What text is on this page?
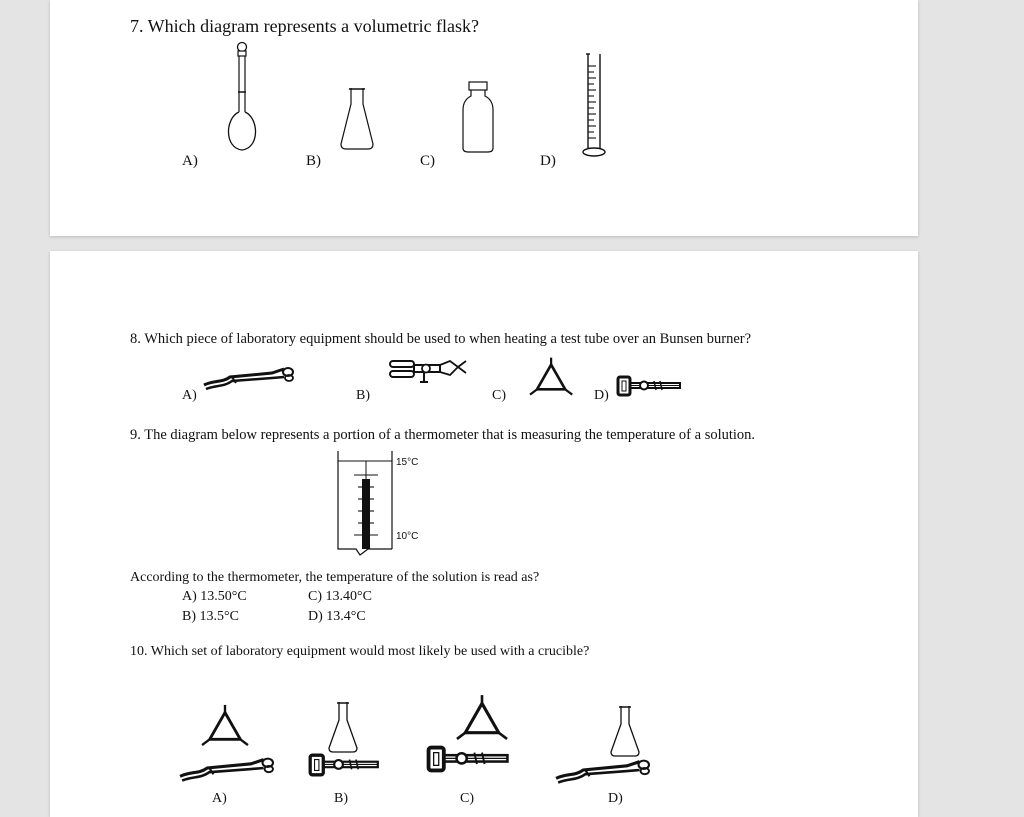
7. Which diagram represents a volumetric flask?
A)	B)	C)	D)
8. Which piece of laboratory equipment should be used to when heating a test tube over an Bunsen burner?
A)	B)	C)	D)
9. The diagram below represents a portion of a thermometer that is measuring the temperature of a solution.
15°C
10°C
According to the thermometer, the temperature of the solution is read as?
A) 13.50°C
B) 13.5°C
C) 13.40°C
D) 13.4°C
10. Which set of laboratory equipment would most likely be used with a crucible?
A)	B)	C)	D)
